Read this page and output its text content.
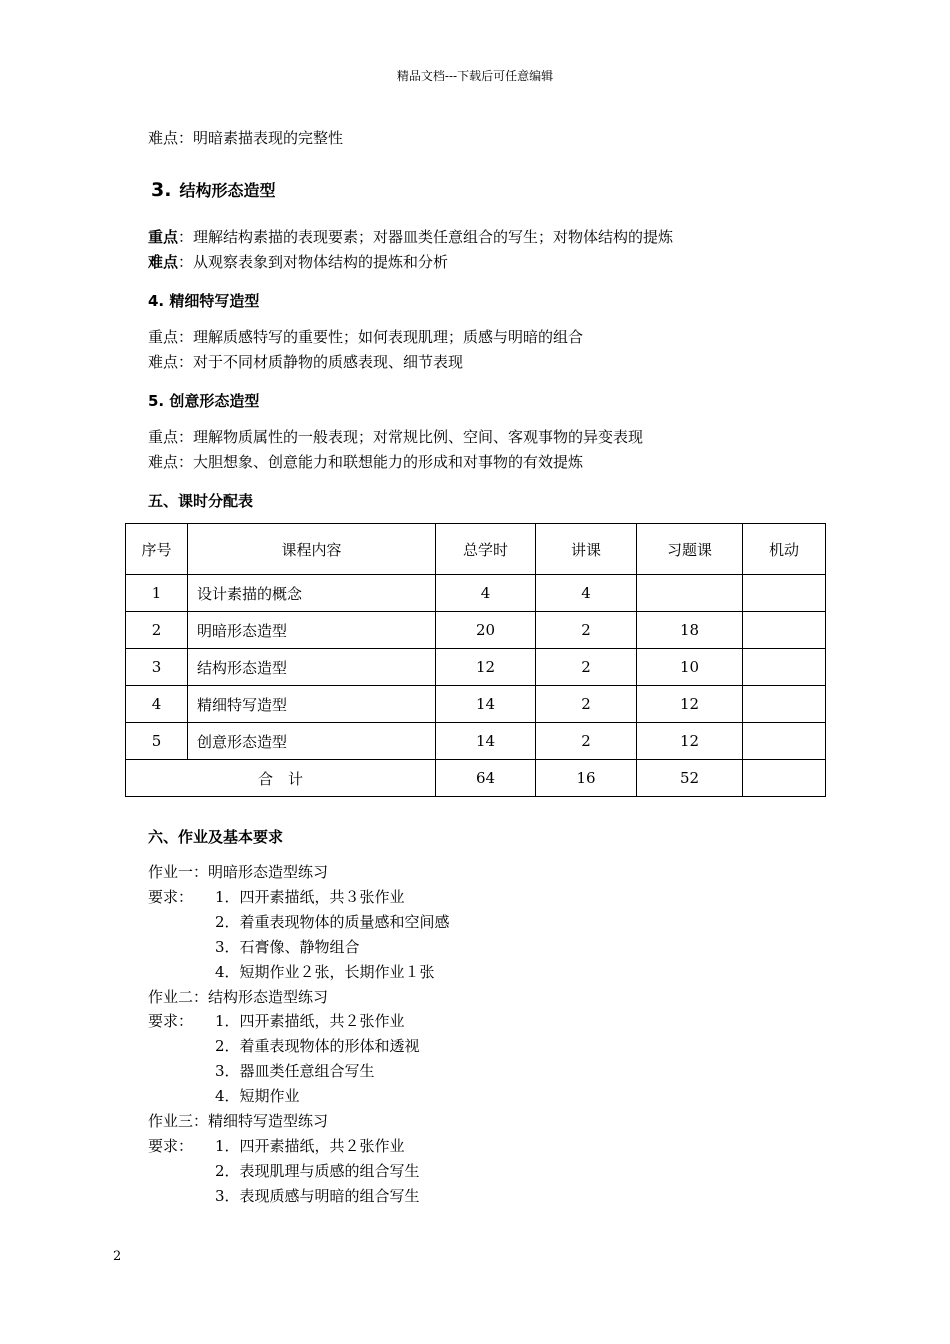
精品文档---下载后可任意编辑
难点：明暗素描表现的完整性
3. 结构形态造型
重点：理解结构素描的表现要素；对器皿类任意组合的写生；对物体结构的提炼
难点：从观察表象到对物体结构的提炼和分析
4. 精细特写造型
重点：理解质感特写的重要性；如何表现肌理；质感与明暗的组合
难点：对于不同材质静物的质感表现、细节表现
5. 创意形态造型
重点：理解物质属性的一般表现；对常规比例、空间、客观事物的异变表现
难点：大胆想象、创意能力和联想能力的形成和对事物的有效提炼
五、课时分配表
序号	课程内容	总学时	讲课	习题课	机动
1	设计素描的概念	4	4		
2	明暗形态造型	20	2	18	
3	结构形态造型	12	2	10	
4	精细特写造型	14	2	12	
5	创意形态造型	14	2	12	
合　计		64	16	52	
六、作业及基本要求
作业一：明暗形态造型练习
要求： 1．四开素描纸，共３张作业
2．着重表现物体的质量感和空间感
3．石膏像、静物组合
4．短期作业２张，长期作业１张
作业二：结构形态造型练习
要求： 1．四开素描纸，共２张作业
2．着重表现物体的形体和透视
3．器皿类任意组合写生
4．短期作业
作业三：精细特写造型练习
要求： 1．四开素描纸，共２张作业
2．表现肌理与质感的组合写生
3．表现质感与明暗的组合写生
2
